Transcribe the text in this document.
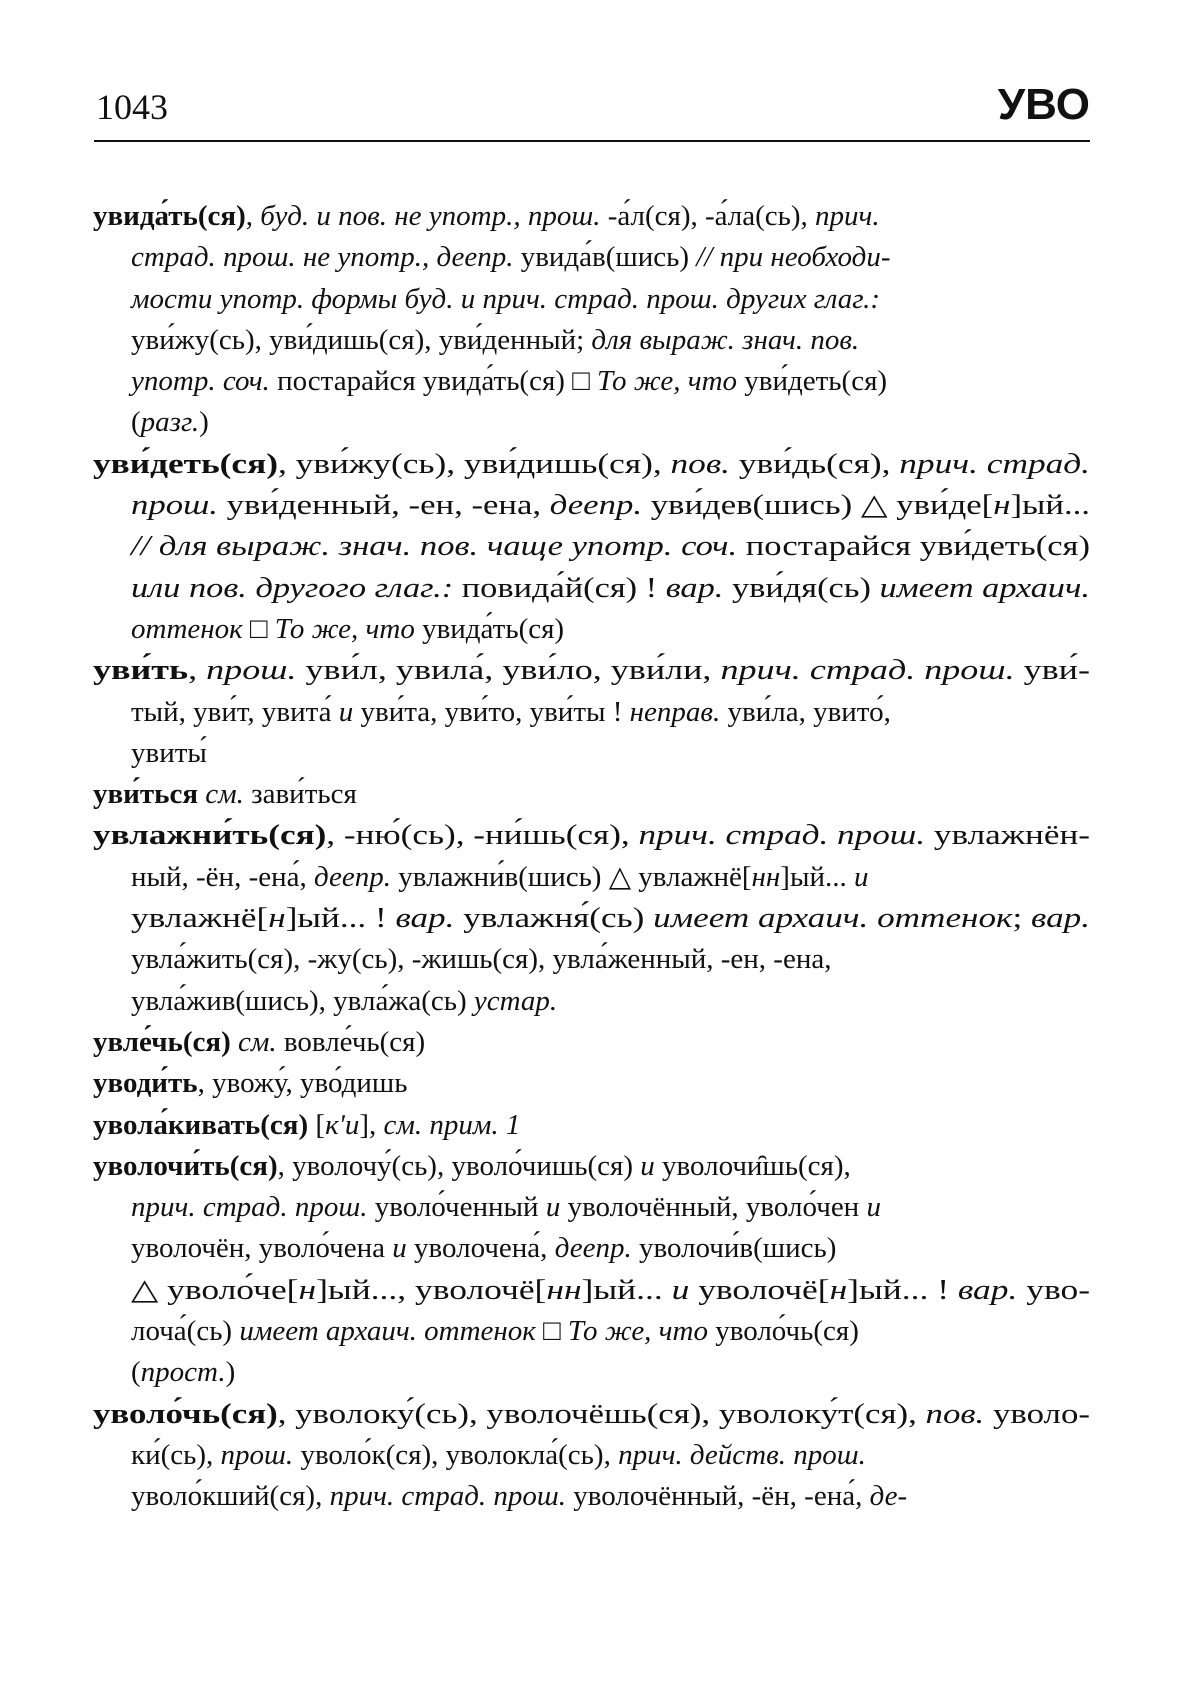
1043	УВО
увида́ть(ся), буд. и пов. не употр., прош. -а́л(ся), -а́ла(сь), прич.
страд. прош. не употр., деепр. увида́в(шись) // при необходи-
мости употр. формы буд. и прич. страд. прош. других глаг.:
уви́жу(сь), уви́дишь(ся), уви́денный; для выраж. знач. пов.
употр. соч. постарайся увида́ть(ся) □ То же, что уви́деть(ся)
(разг.)
уви́деть(ся), уви́жу(сь), уви́дишь(ся), пов. уви́дь(ся), прич. страд.
прош. уви́денный, -ен, -ена, деепр. уви́дев(шись) △ уви́де[н]ый...
// для выраж. знач. пов. чаще употр. соч. постарайся уви́деть(ся)
или пов. другого глаг.: повида́й(ся) ! вар. уви́дя(сь) имеет архаич.
оттенок □ То же, что увида́ть(ся)
уви́ть, прош. уви́л, увила́, уви́ло, уви́ли, прич. страд. прош. уви́-
тый, уви́т, увита́ и уви́та, уви́то, уви́ты ! неправ. уви́ла, увито́,
увиты́
уви́ться см. зави́ться
увлажни́ть(ся), -ню́(сь), -ни́шь(ся), прич. страд. прош. увлажнён-
ный, -ён, -ена́, деепр. увлажни́в(шись) △ увлажнё[нн]ый... и
увлажнё[н]ый... ! вар. увлажня́(сь) имеет архаич. оттенок; вар.
увла́жить(ся), -жу(сь), -жишь(ся), увла́женный, -ен, -ена,
увла́жив(шись), увла́жа(сь) устар.
увле́чь(ся) см. вовле́чь(ся)
уводи́ть, увожу́, уво́дишь
увола́кивать(ся) [кʹи], см. прим. 1
уволочи́ть(ся), уволочу́(сь), уволо́чишь(ся) и уволочи̑шь(ся),
прич. страд. прош. уволо́ченный и уволочённый, уволо́чен и
уволочён, уволо́чена и уволочена́, деепр. уволочи́в(шись)
△ уволо́че[н]ый..., уволочё[нн]ый... и уволочё[н]ый... ! вар. уво-
лоча́(сь) имеет архаич. оттенок □ То же, что уволо́чь(ся)
(прост.)
уволо́чь(ся), уволоку́(сь), уволочёшь(ся), уволоку́т(ся), пов. уволо-
ки́(сь), прош. уволо́к(ся), уволокла́(сь), прич. действ. прош.
уволо́кший(ся), прич. страд. прош. уволочённый, -ён, -ена́, де-
